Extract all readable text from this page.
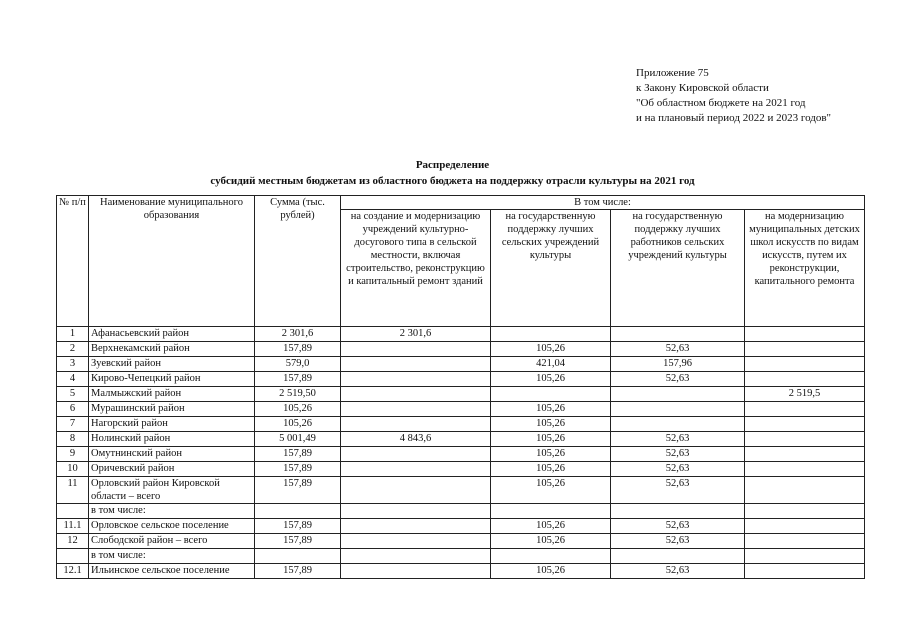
Приложение 75
к Закону Кировской области
"Об областном бюджете на 2021 год
и на плановый период 2022 и 2023 годов"
Распределение
субсидий местным бюджетам из областного бюджета на поддержку отрасли культуры на 2021 год
№ п/п	Наименование муниципального образования	Сумма (тыс. рублей)	В том числе:			
			на создание и модернизацию учреждений культурно-досугового типа в сельской местности, включая строительство, реконструкцию и капитальный ремонт зданий	на государственную поддержку лучших сельских учреждений культуры	на государственную поддержку лучших работников сельских учреждений культуры	на модернизацию муниципальных детских школ искусств по видам искусств, путем их реконструкции, капитального ремонта
1	Афанасьевский район	2 301,6	2 301,6			
2	Верхнекамский район	157,89		105,26	52,63	
3	Зуевский район	579,0		421,04	157,96	
4	Кирово-Чепецкий район	157,89		105,26	52,63	
5	Малмыжский район	2 519,50				2 519,5
6	Мурашинский район	105,26		105,26		
7	Нагорский район	105,26		105,26		
8	Нолинский район	5 001,49	4 843,6	105,26	52,63	
9	Омутнинский район	157,89		105,26	52,63	
10	Оричевский район	157,89		105,26	52,63	
11	Орловский район Кировской области – всего	157,89		105,26	52,63	
	в том числе:					
11.1	Орловское сельское поселение	157,89		105,26	52,63	
12	Слободской район – всего	157,89		105,26	52,63	
	в том числе:					
12.1	Ильинское сельское поселение	157,89		105,26	52,63	
